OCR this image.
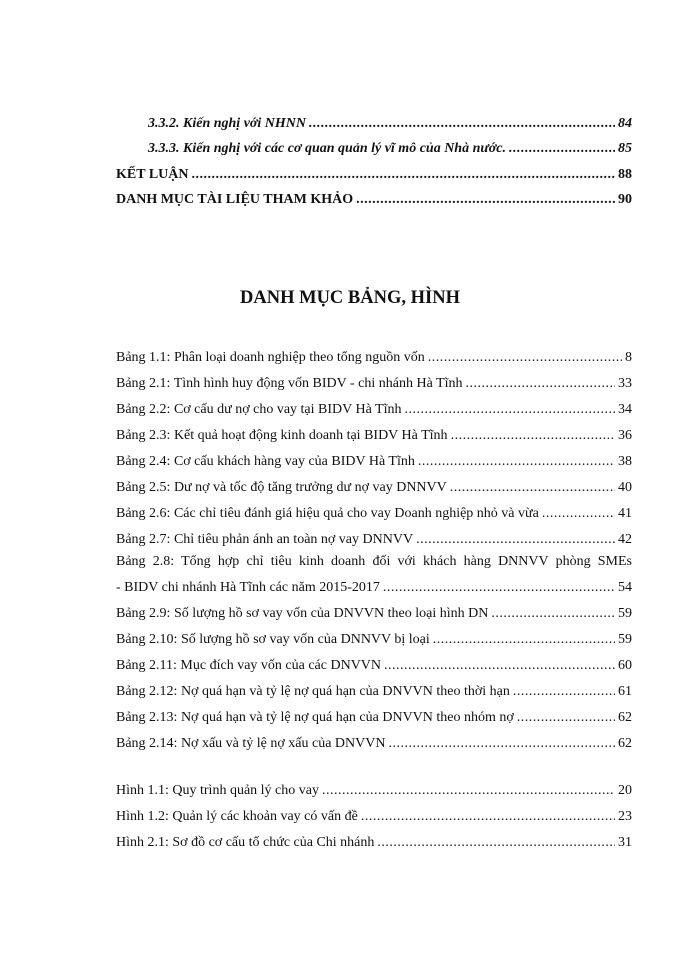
3.3.2. Kiến nghị với NHNN .....	84
3.3.3. Kiến nghị với các cơ quan quản lý vĩ mô của Nhà nước. .....	85
KẾT LUẬN .....	88
DANH MỤC TÀI LIỆU THAM KHẢO .....	90
DANH MỤC BẢNG, HÌNH
Bảng 1.1: Phân loại doanh nghiệp theo tổng nguồn vốn .....	8
Bảng 2.1: Tình hình huy động vốn BIDV - chi nhánh Hà Tĩnh .....	33
Bảng 2.2: Cơ cấu dư nợ cho vay tại BIDV Hà Tĩnh .....	34
Bảng 2.3: Kết quả hoạt động kinh doanh tại BIDV Hà Tĩnh .....	36
Bảng 2.4: Cơ cấu khách hàng vay của BIDV Hà Tĩnh .....	38
Bảng 2.5: Dư nợ và tốc độ tăng trưởng dư nợ vay DNNVV .....	40
Bảng 2.6: Các chỉ tiêu đánh giá hiệu quả cho vay Doanh nghiệp nhỏ và vừa .....	41
Bảng 2.7: Chỉ tiêu phản ánh an toàn nợ vay DNNVV .....	42
Bảng 2.8: Tổng hợp chỉ tiêu kinh doanh đối với khách hàng DNNVV phòng SMEs
- BIDV chi nhánh Hà Tĩnh các năm 2015-2017 .....	54
Bảng 2.9: Số lượng hồ sơ vay vốn của DNVVN theo loại hình DN .....	59
Bảng 2.10: Số lượng hồ sơ vay vốn của DNNVV bị loại .....	59
Bảng 2.11: Mục đích vay vốn của các DNVVN .....	60
Bảng 2.12: Nợ quá hạn và tỷ lệ nợ quá hạn của DNVVN theo thời hạn .....	61
Bảng 2.13: Nợ quá hạn và tỷ lệ nợ quá hạn của DNVVN theo nhóm nợ .....	62
Bảng 2.14: Nợ xấu và tỷ lệ nợ xấu của DNVVN .....	62
Hình 1.1: Quy trình quản lý cho vay .....	20
Hình 1.2: Quản lý các khoản vay có vấn đề .....	23
Hình 2.1: Sơ đồ cơ cấu tổ chức của Chi nhánh .....	31
